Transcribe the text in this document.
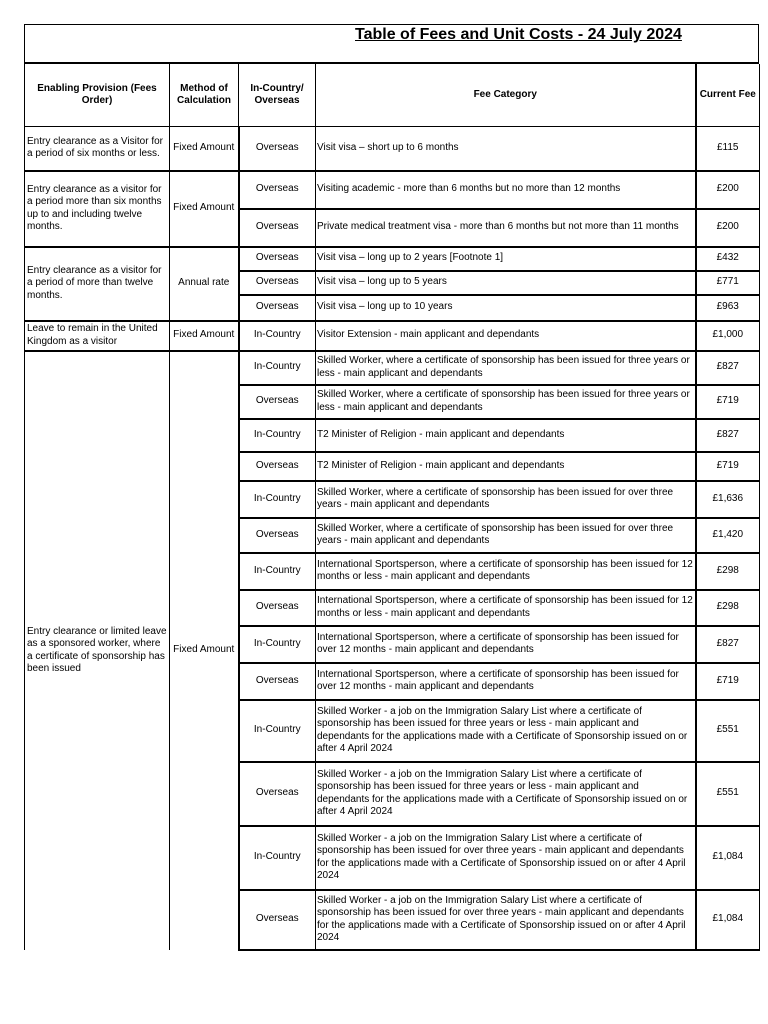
Table of Fees and Unit Costs - 24 July 2024
Enabling Provision (Fees Order)	Method of Calculation	In-Country/ Overseas	Fee Category	Current Fee
Entry clearance as a Visitor for a period of six months or less.	Fixed Amount	Overseas	Visit visa – short up to 6 months	£115
Entry clearance as a visitor for a period more than six months up to and including twelve months.	Fixed Amount	Overseas	Visiting academic - more than 6 months but no more than 12 months	£200
		Overseas	Private medical treatment visa - more than 6 months but not more than 11 months	£200
Entry clearance as a visitor for a period of more than twelve months.	Annual rate	Overseas	Visit visa – long up to 2 years [Footnote 1]	£432
		Overseas	Visit visa – long up to 5 years	£771
		Overseas	Visit visa – long up to 10 years	£963
Leave to remain in the United Kingdom as a visitor	Fixed Amount	In-Country	Visitor Extension - main applicant and dependants	£1,000
Entry clearance or limited leave as a sponsored worker, where a certificate of sponsorship has been issued	Fixed Amount	In-Country	Skilled Worker, where a certificate of sponsorship has been issued for three years or less - main applicant and dependants	£827
		Overseas	Skilled Worker, where a certificate of sponsorship has been issued for three years or less - main applicant and dependants	£719
		In-Country	T2 Minister of Religion - main applicant and dependants	£827
		Overseas	T2 Minister of Religion - main applicant and dependants	£719
		In-Country	Skilled Worker, where a certificate of sponsorship has been issued for over three years - main applicant and dependants	£1,636
		Overseas	Skilled Worker, where a certificate of sponsorship has been issued for over three years - main applicant and dependants	£1,420
		In-Country	International Sportsperson, where a certificate of sponsorship has been issued for 12 months or less - main applicant and dependants	£298
		Overseas	International Sportsperson, where a certificate of sponsorship has been issued for 12 months or less - main applicant and dependants	£298
		In-Country	International Sportsperson, where a certificate of sponsorship has been issued for over 12 months - main applicant and dependants	£827
		Overseas	International Sportsperson, where a certificate of sponsorship has been issued for over 12 months - main applicant and dependants	£719
		In-Country	Skilled Worker - a job on the Immigration Salary List where a certificate of sponsorship has been issued for three years or less - main applicant and dependants for the applications made with a Certificate of Sponsorship issued on or after 4 April 2024	£551
		Overseas	Skilled Worker - a job on the Immigration Salary List where a certificate of sponsorship has been issued for three years or less - main applicant and dependants for the applications made with a Certificate of Sponsorship issued on or after 4 April 2024	£551
		In-Country	Skilled Worker - a job on the Immigration Salary List where a certificate of sponsorship has been issued for over three years - main applicant and dependants for the applications made with a Certificate of Sponsorship issued on or after 4 April 2024	£1,084
		Overseas	Skilled Worker - a job on the Immigration Salary List where a certificate of sponsorship has been issued for over three years - main applicant and dependants for the applications made with a Certificate of Sponsorship issued on or after 4 April 2024	£1,084
